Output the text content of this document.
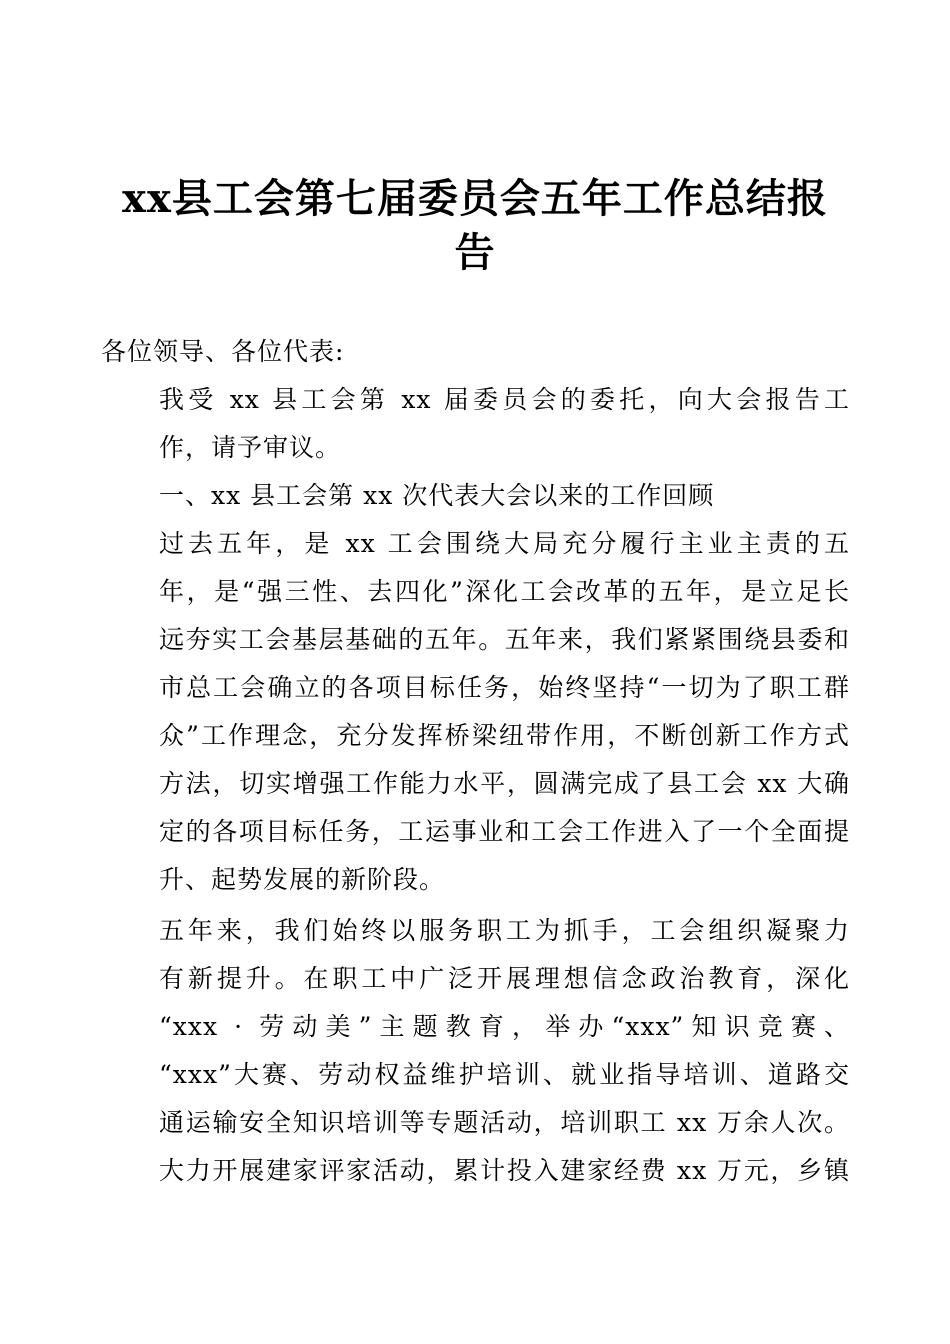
xx县工会第七届委员会五年工作总结报
告

各位领导、各位代表:

我受 xx 县工会第 xx 届委员会的委托，向大会报告工
作，请予审议。

一、xx 县工会第 xx 次代表大会以来的工作回顾

过去五年，是 xx 工会围绕大局充分履行主业主责的五
年，是“强三性、去四化”深化工会改革的五年，是立足长
远夯实工会基层基础的五年。五年来，我们紧紧围绕县委和
市总工会确立的各项目标任务，始终坚持“一切为了职工群
众”工作理念，充分发挥桥梁纽带作用，不断创新工作方式
方法，切实增强工作能力水平，圆满完成了县工会 xx 大确
定的各项目标任务，工运事业和工会工作进入了一个全面提
升、起势发展的新阶段。

五年来，我们始终以服务职工为抓手，工会组织凝聚力
有新提升。在职工中广泛开展理想信念政治教育，深化
“xxx · 劳动美”主题教育，举办“xxx”知识竞赛、
“xxx”大赛、劳动权益维护培训、就业指导培训、道路交
通运输安全知识培训等专题活动，培训职工 xx 万余人次。
大力开展建家评家活动，累计投入建家经费 xx 万元，乡镇
